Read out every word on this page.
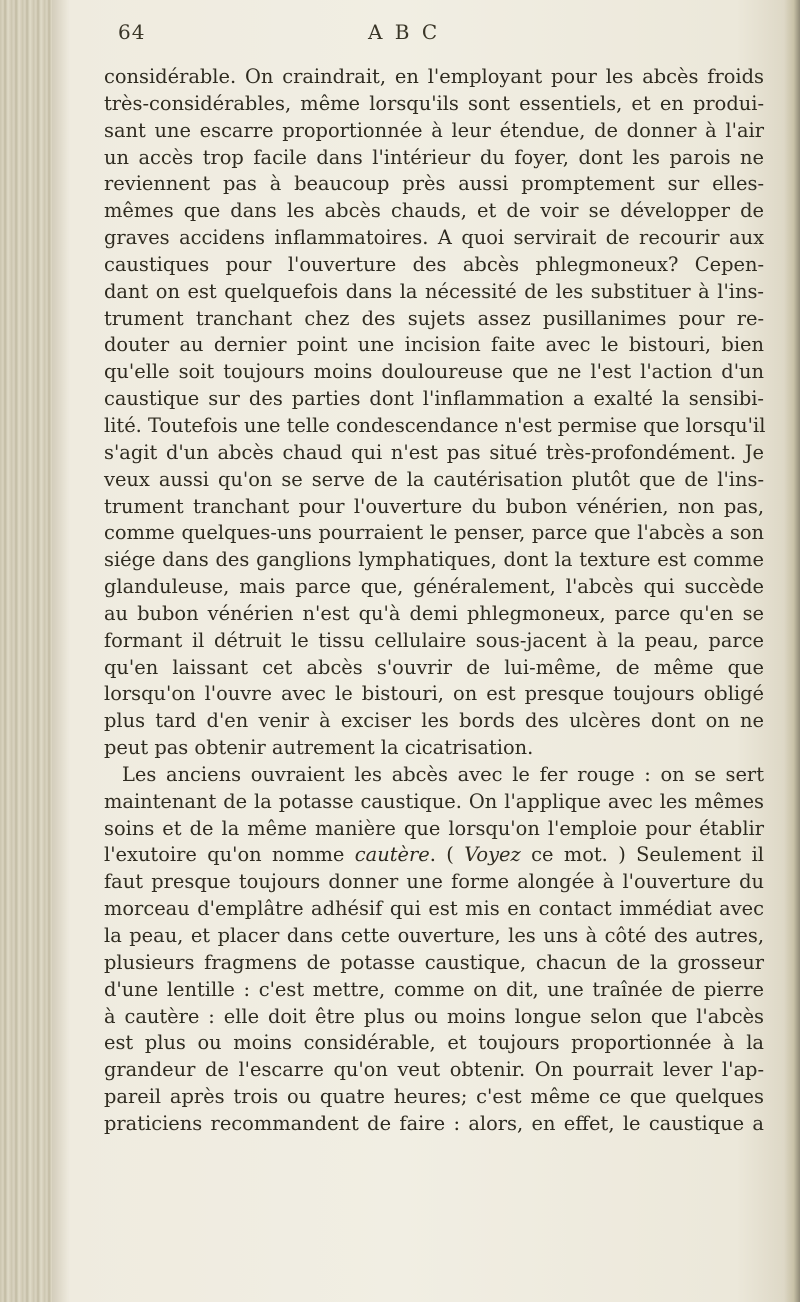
64	A B C
considérable. On craindrait, en l'employant pour les abcès froids
très-considérables, même lorsqu'ils sont essentiels, et en produi-
sant une escarre proportionnée à leur étendue, de donner à l'air
un accès trop facile dans l'intérieur du foyer, dont les parois ne
reviennent pas à beaucoup près aussi promptement sur elles-
mêmes que dans les abcès chauds, et de voir se développer de
graves accidens inflammatoires. A quoi servirait de recourir aux
caustiques pour l'ouverture des abcès phlegmoneux? Cepen-
dant on est quelquefois dans la nécessité de les substituer à l'ins-
trument tranchant chez des sujets assez pusillanimes pour re-
douter au dernier point une incision faite avec le bistouri, bien
qu'elle soit toujours moins douloureuse que ne l'est l'action d'un
caustique sur des parties dont l'inflammation a exalté la sensibi-
lité. Toutefois une telle condescendance n'est permise que lorsqu'il
s'agit d'un abcès chaud qui n'est pas situé très-profondément. Je
veux aussi qu'on se serve de la cautérisation plutôt que de l'ins-
trument tranchant pour l'ouverture du bubon vénérien, non pas,
comme quelques-uns pourraient le penser, parce que l'abcès a son
siége dans des ganglions lymphatiques, dont la texture est comme
glanduleuse, mais parce que, généralement, l'abcès qui succède
au bubon vénérien n'est qu'à demi phlegmoneux, parce qu'en se
formant il détruit le tissu cellulaire sous-jacent à la peau, parce
qu'en laissant cet abcès s'ouvrir de lui-même, de même que
lorsqu'on l'ouvre avec le bistouri, on est presque toujours obligé
plus tard d'en venir à exciser les bords des ulcères dont on ne
peut pas obtenir autrement la cicatrisation.
Les anciens ouvraient les abcès avec le fer rouge : on se sert
maintenant de la potasse caustique. On l'applique avec les mêmes
soins et de la même manière que lorsqu'on l'emploie pour établir
l'exutoire qu'on nomme cautère. ( Voyez ce mot. ) Seulement il
faut presque toujours donner une forme alongée à l'ouverture du
morceau d'emplâtre adhésif qui est mis en contact immédiat avec
la peau, et placer dans cette ouverture, les uns à côté des autres,
plusieurs fragmens de potasse caustique, chacun de la grosseur
d'une lentille : c'est mettre, comme on dit, une traînée de pierre
à cautère : elle doit être plus ou moins longue selon que l'abcès
est plus ou moins considérable, et toujours proportionnée à la
grandeur de l'escarre qu'on veut obtenir. On pourrait lever l'ap-
pareil après trois ou quatre heures; c'est même ce que quelques
praticiens recommandent de faire : alors, en effet, le caustique a
